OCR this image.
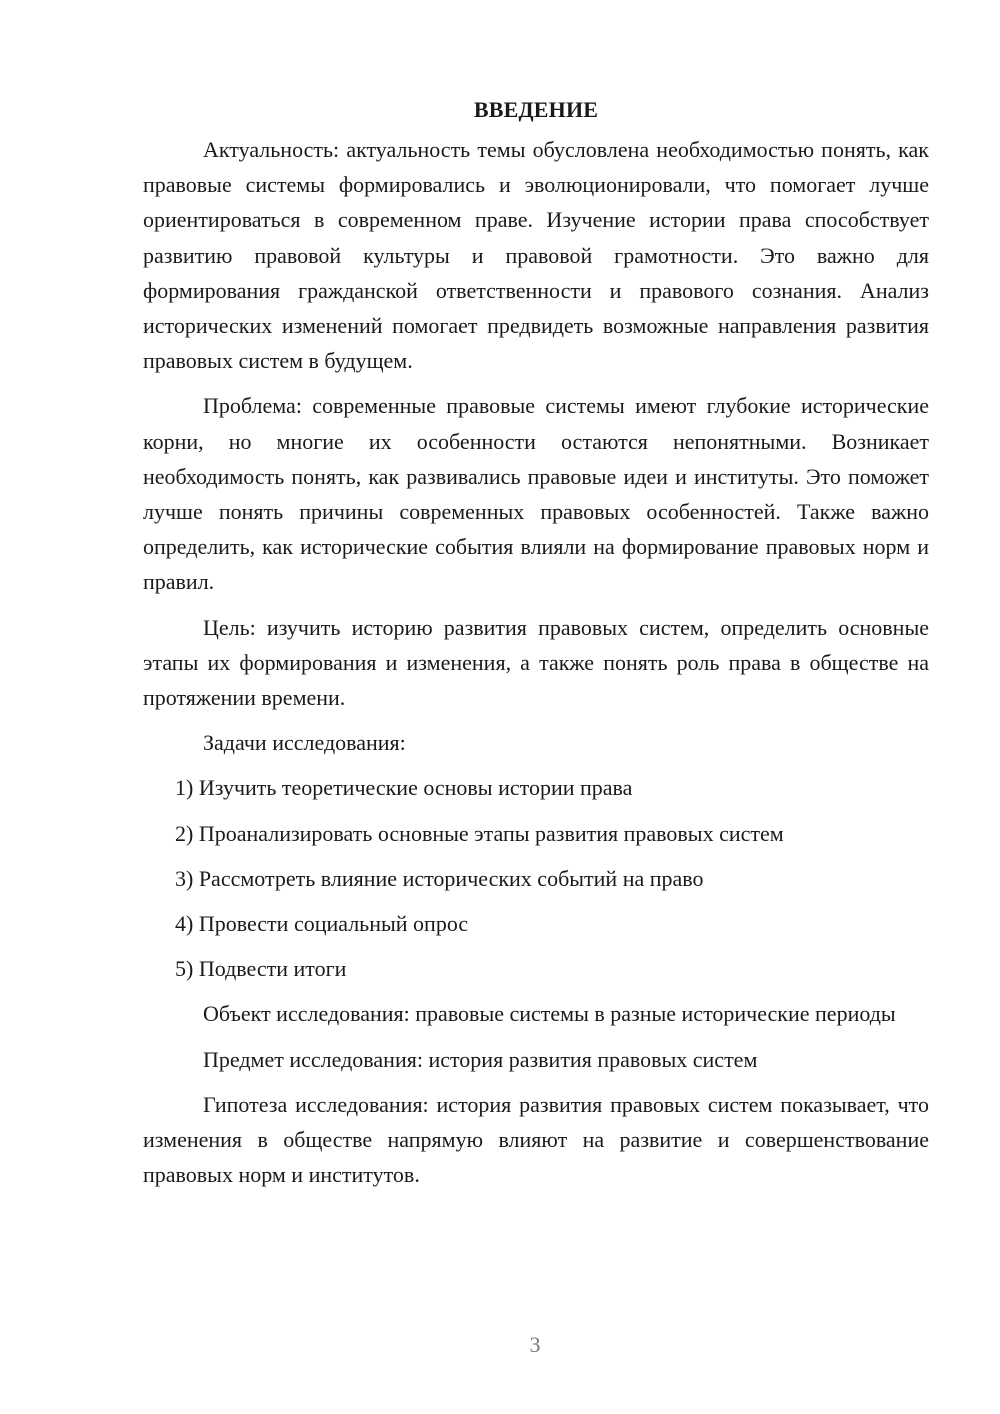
ВВЕДЕНИЕ

Актуальность: актуальность темы обусловлена необходимостью понять, как правовые системы формировались и эволюционировали, что помогает лучше ориентироваться в современном праве. Изучение истории права способствует развитию правовой культуры и правовой грамотности. Это важно для формирования гражданской ответственности и правового сознания. Анализ исторических изменений помогает предвидеть возможные направления развития правовых систем в будущем.

Проблема: современные правовые системы имеют глубокие исторические корни, но многие их особенности остаются непонятными. Возникает необходимость понять, как развивались правовые идеи и институты. Это поможет лучше понять причины современных правовых особенностей. Также важно определить, как исторические события влияли на формирование правовых норм и правил.

Цель: изучить историю развития правовых систем, определить основные этапы их формирования и изменения, а также понять роль права в обществе на протяжении времени.

Задачи исследования:

1) Изучить теоретические основы истории права
2) Проанализировать основные этапы развития правовых систем
3) Рассмотреть влияние исторических событий на право
4) Провести социальный опрос
5) Подвести итоги

Объект исследования: правовые системы в разные исторические периоды

Предмет исследования: история развития правовых систем

Гипотеза исследования: история развития правовых систем показывает, что изменения в обществе напрямую влияют на развитие и совершенствование правовых норм и институтов.

3
